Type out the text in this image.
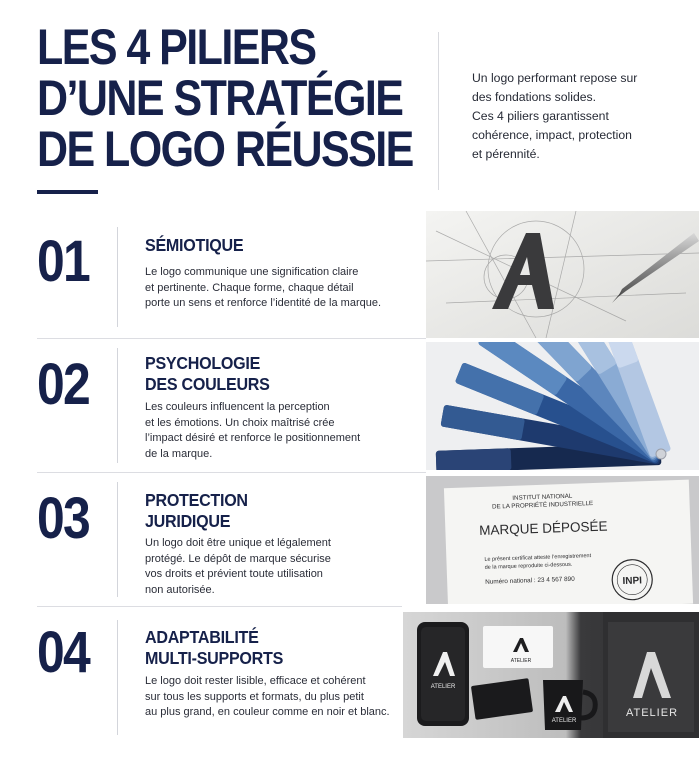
LES 4 PILIERS
D’UNE STRATÉGIE
DE LOGO RÉUSSIE

Un logo performant repose sur

des fondations solides.

Ces 4 piliers garantissent

cohérence, impact, protection

et pérennité.

01	SÉMIOTIQUE
Le logo communique une signification claire
et pertinente. Chaque forme, chaque détail
porte un sens et renforce l’identité de la marque.
02	PSYCHOLOGIE
DES COULEURS
Les couleurs influencent la perception
et les émotions. Un choix maîtrisé crée
l’impact désiré et renforce le positionnement
de la marque.
03	PROTECTION
JURIDIQUE
Un logo doit être unique et légalement
protégé. Le dépôt de marque sécurise
vos droits et prévient toute utilisation
non autorisée.
INSTITUT NATIONAL
DE LA PROPRIÉTÉ INDUSTRIELLE
MARQUE DÉPOSÉE
Le présent certificat atteste l’enregistrement
de la marque reproduite ci-dessous.
Numéro national : 23 4 567 890	INPI
04	ADAPTABILITÉ
MULTI-SUPPORTS
Le logo doit rester lisible, efficace et cohérent
sur tous les supports et formats, du plus petit
au plus grand, en couleur comme en noir et blanc.
ATELIER
ATELIER
ATELIER
ATELIER
